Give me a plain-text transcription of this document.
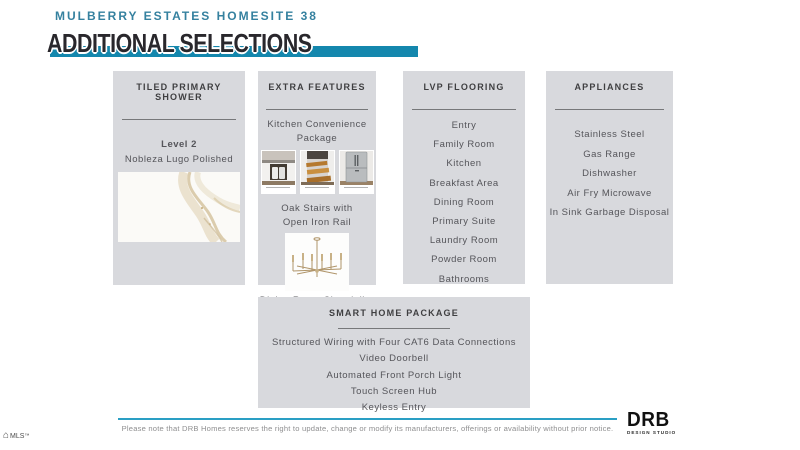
MULBERRY ESTATES HOMESITE 38
ADDITIONAL SELECTIONS
TILED PRIMARY SHOWER
Level 2
Nobleza Lugo Polished
EXTRA FEATURES
Kitchen Convenience
Package
Oak Stairs with
Open Iron Rail
LVP FLOORING
Entry
Family Room
Kitchen
Breakfast Area
Dining Room
Primary Suite
Laundry Room
Powder Room
Bathrooms
APPLIANCES
Stainless Steel
Gas Range
Dishwasher
Air Fry Microwave
In Sink Garbage Disposal
SMART HOME PACKAGE
Structured Wiring with Four CAT6 Data Connections
Video Doorbell
Automated Front Porch Light
Touch Screen Hub
Keyless Entry
Please note that DRB Homes reserves the right to update, change or modify its manufacturers, offerings or availability without prior notice. DRB
DESIGN STUDIO
⌂ MLS ™
